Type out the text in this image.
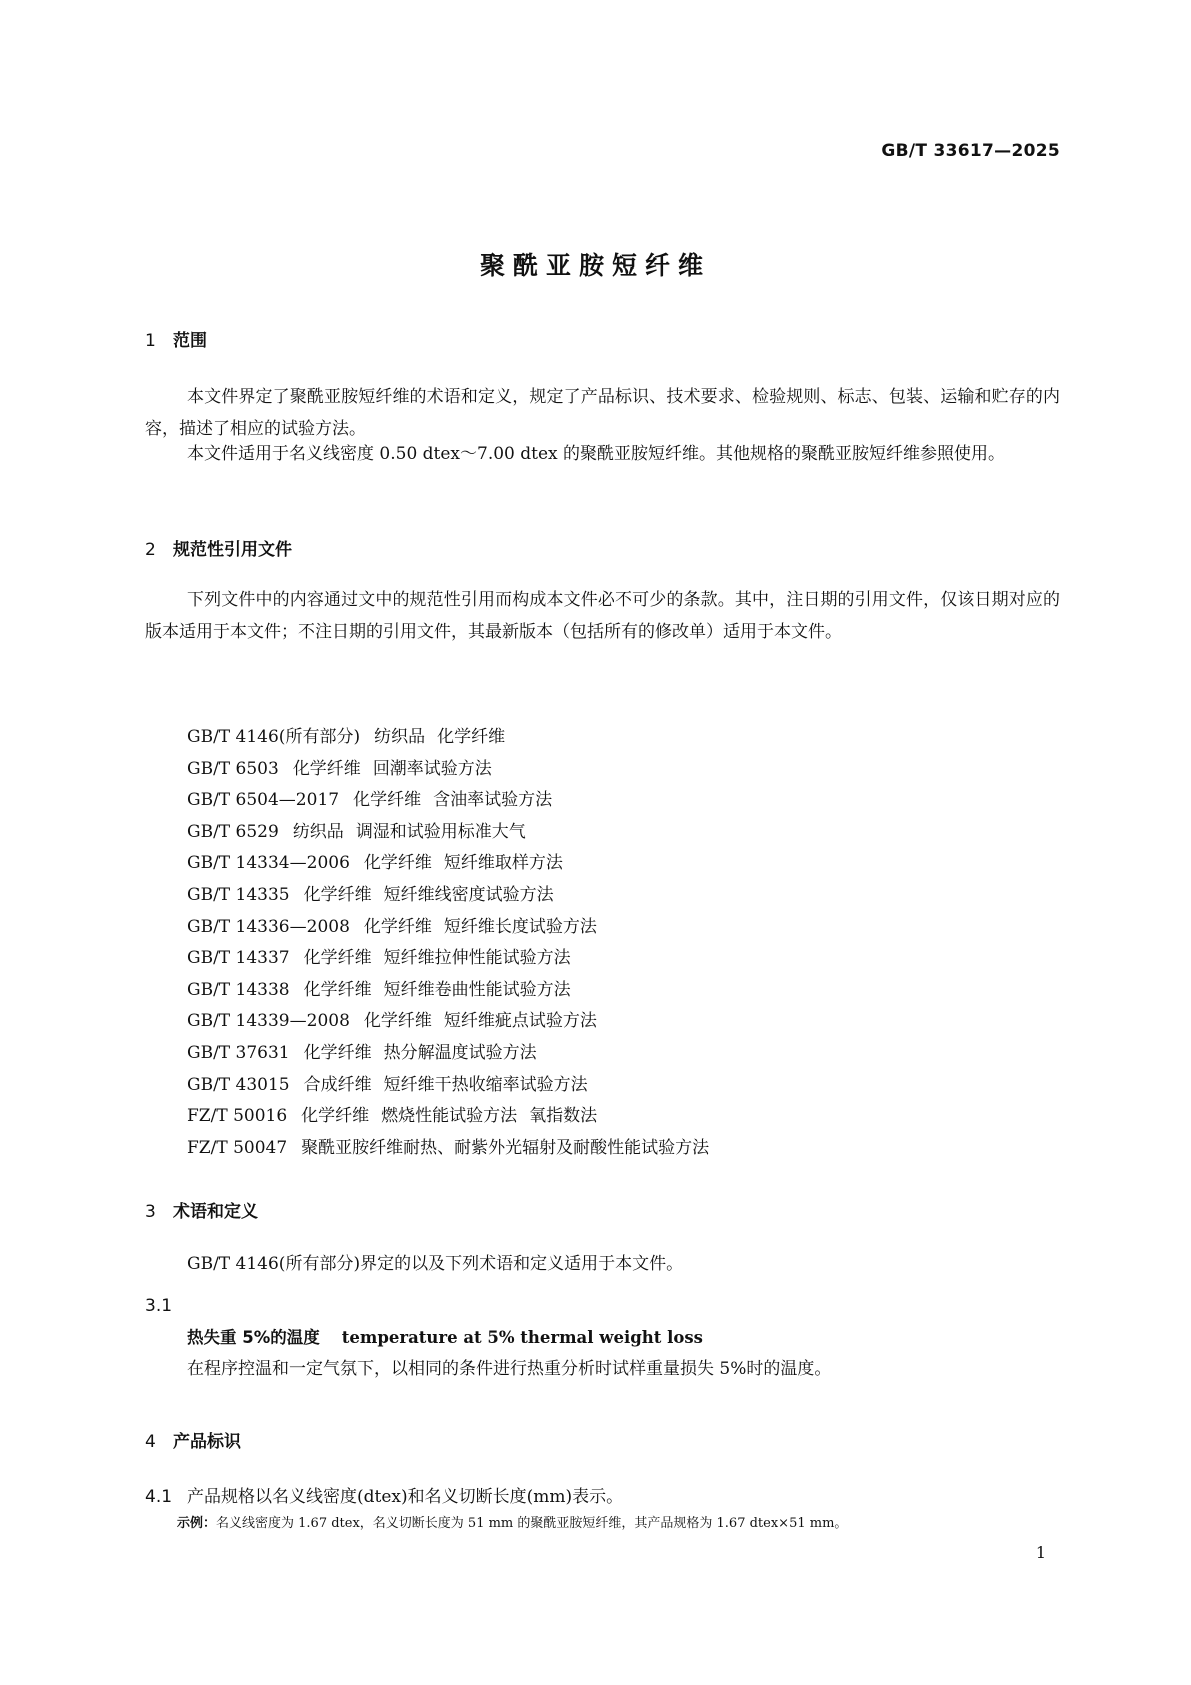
GB/T 33617—2025
聚酰亚胺短纤维
1 范围
本文件界定了聚酰亚胺短纤维的术语和定义，规定了产品标识、技术要求、检验规则、标志、包装、运输和贮存的内容，描述了相应的试验方法。
本文件适用于名义线密度 0.50 dtex～7.00 dtex 的聚酰亚胺短纤维。其他规格的聚酰亚胺短纤维参照使用。
2 规范性引用文件
下列文件中的内容通过文中的规范性引用而构成本文件必不可少的条款。其中，注日期的引用文件，仅该日期对应的版本适用于本文件；不注日期的引用文件，其最新版本（包括所有的修改单）适用于本文件。
GB/T 4146(所有部分) 纺织品 化学纤维
GB/T 6503 化学纤维 回潮率试验方法
GB/T 6504—2017 化学纤维 含油率试验方法
GB/T 6529 纺织品 调湿和试验用标准大气
GB/T 14334—2006 化学纤维 短纤维取样方法
GB/T 14335 化学纤维 短纤维线密度试验方法
GB/T 14336—2008 化学纤维 短纤维长度试验方法
GB/T 14337 化学纤维 短纤维拉伸性能试验方法
GB/T 14338 化学纤维 短纤维卷曲性能试验方法
GB/T 14339—2008 化学纤维 短纤维疵点试验方法
GB/T 37631 化学纤维 热分解温度试验方法
GB/T 43015 合成纤维 短纤维干热收缩率试验方法
FZ/T 50016 化学纤维 燃烧性能试验方法 氧指数法
FZ/T 50047 聚酰亚胺纤维耐热、耐紫外光辐射及耐酸性能试验方法
3 术语和定义
GB/T 4146(所有部分)界定的以及下列术语和定义适用于本文件。
3.1
热失重 5%的温度 temperature at 5% thermal weight loss
在程序控温和一定气氛下，以相同的条件进行热重分析时试样重量损失 5%时的温度。
4 产品标识
4.1 产品规格以名义线密度(dtex)和名义切断长度(mm)表示。
示例：名义线密度为 1.67 dtex，名义切断长度为 51 mm 的聚酰亚胺短纤维，其产品规格为 1.67 dtex×51 mm。
1
